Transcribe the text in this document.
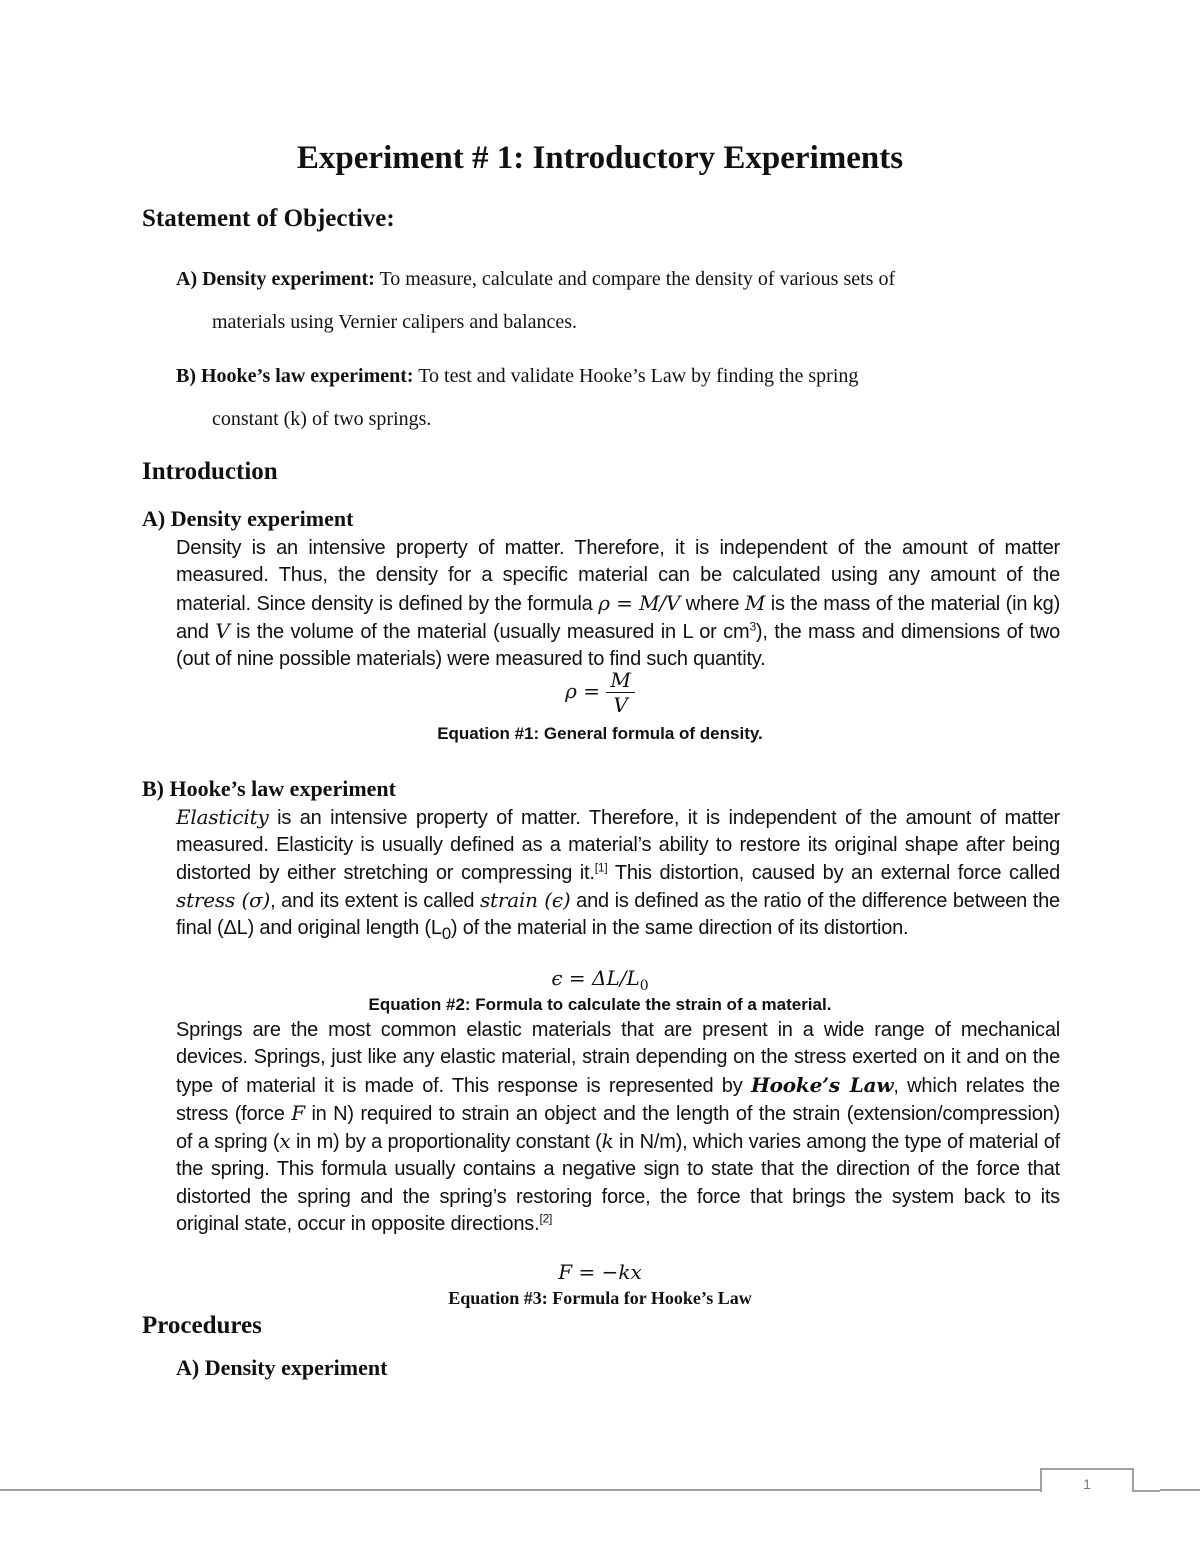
Experiment # 1: Introductory Experiments
Statement of Objective:
A) Density experiment: To measure, calculate and compare the density of various sets of
materials using Vernier calipers and balances.
B) Hooke’s law experiment: To test and validate Hooke’s Law by finding the spring
constant (k) of two springs.
Introduction
A) Density experiment
Density is an intensive property of matter. Therefore, it is independent of the amount of matter measured. Thus, the density for a specific material can be calculated using any amount of the material. Since density is defined by the formula ρ = M/V where M is the mass of the material (in kg) and V is the volume of the material (usually measured in L or $cm^3$), the mass and dimensions of two (out of nine possible materials) were measured to find such quantity.
$\rho = \frac{M}{V}$
Equation #1: General formula of density.
B) Hooke’s law experiment
Elasticity is an intensive property of matter. Therefore, it is independent of the amount of matter measured. Elasticity is usually defined as a material’s ability to restore its original shape after being distorted by either stretching or compressing it.[1] This distortion, caused by an external force called stress (σ), and its extent is called strain (ϵ) and is defined as the ratio of the difference between the final (ΔL) and original length $(L_0)$ of the material in the same direction of its distortion.
$\epsilon = \Delta L/L_0$
Equation #2: Formula to calculate the strain of a material.
Springs are the most common elastic materials that are present in a wide range of mechanical devices. Springs, just like any elastic material, strain depending on the stress exerted on it and on the type of material it is made of. This response is represented by Hooke’s Law, which relates the stress (force F in N) required to strain an object and the length of the strain (extension/compression) of a spring (x in m) by a proportionality constant (k in N/m), which varies among the type of material of the spring. This formula usually contains a negative sign to state that the direction of the force that distorted the spring and the spring’s restoring force, the force that brings the system back to its original state, occur in opposite directions.[2]
F = −kx
Equation #3: Formula for Hooke’s Law
Procedures
A) Density experiment
1
